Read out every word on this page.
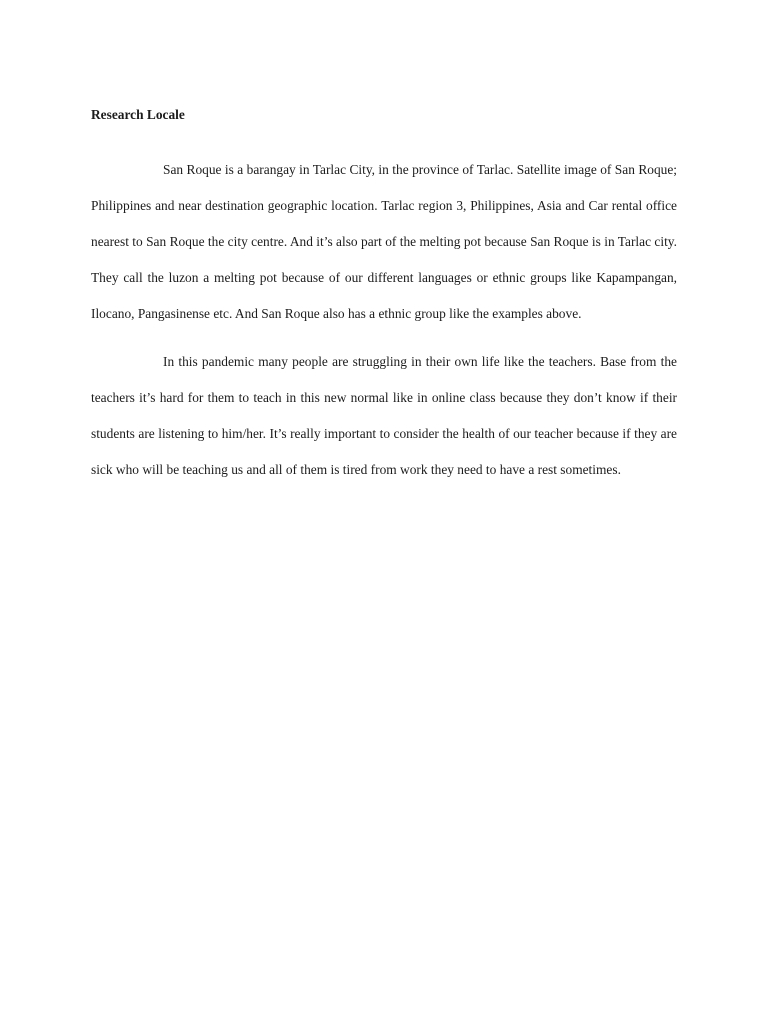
Research Locale

San Roque is a barangay in Tarlac City, in the province of Tarlac. Satellite image of San Roque; Philippines and near destination geographic location. Tarlac region 3, Philippines, Asia and Car rental office nearest to San Roque the city centre. And it’s also part of the melting pot because San Roque is in Tarlac city. They call the luzon a melting pot because of our different languages or ethnic groups like Kapampangan, Ilocano, Pangasinense etc. And San Roque also has a ethnic group like the examples above.

In this pandemic many people are struggling in their own life like the teachers. Base from the teachers it’s hard for them to teach in this new normal like in online class because they don’t know if their students are listening to him/her. It’s really important to consider the health of our teacher because if they are sick who will be teaching us and all of them is tired from work they need to have a rest sometimes.
